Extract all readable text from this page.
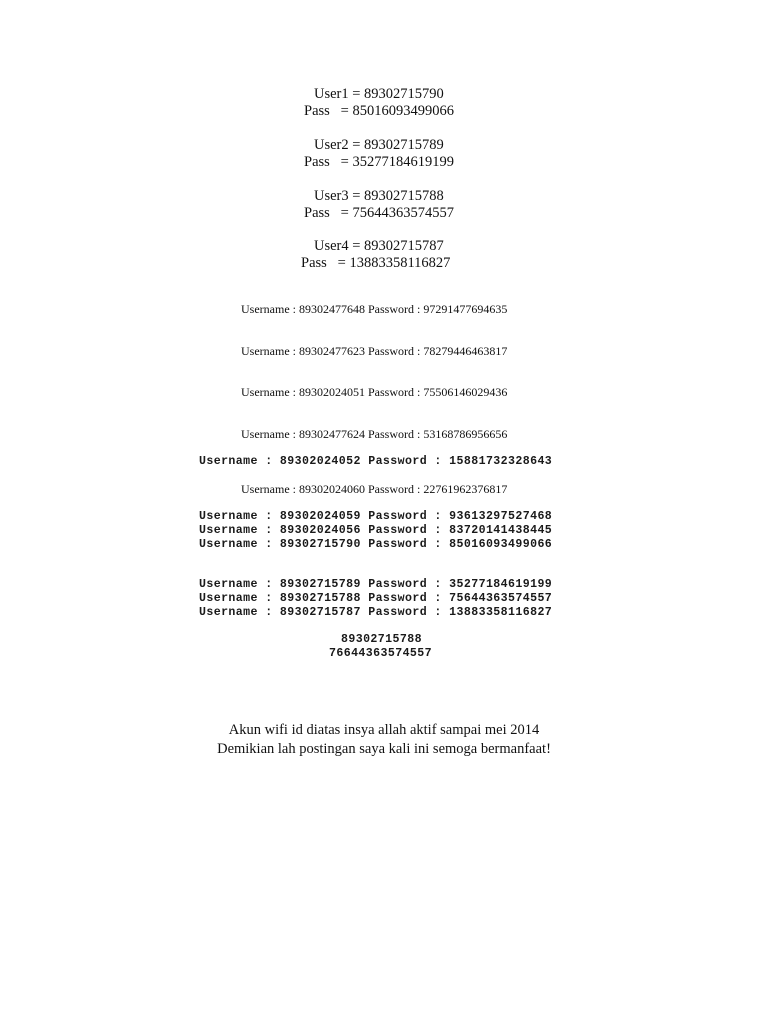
User1 = 89302715790
Pass   = 85016093499066
User2 = 89302715789
Pass   = 35277184619199
User3 = 89302715788
Pass   = 75644363574557
User4 = 89302715787
Pass   = 13883358116827
Username : 89302477648 Password : 97291477694635
Username : 89302477623 Password : 78279446463817
Username : 89302024051 Password : 75506146029436
Username : 89302477624 Password : 53168786956656
Username : 89302024052 Password : 15881732328643
Username : 89302024060 Password : 22761962376817
Username : 89302024059 Password : 93613297527468
Username : 89302024056 Password : 83720141438445
Username : 89302715790 Password : 85016093499066
Username : 89302715789 Password : 35277184619199
Username : 89302715788 Password : 75644363574557
Username : 89302715787 Password : 13883358116827
89302715788
76644363574557
Akun wifi id diatas insya allah aktif sampai mei 2014
Demikian lah postingan saya kali ini semoga bermanfaat!
